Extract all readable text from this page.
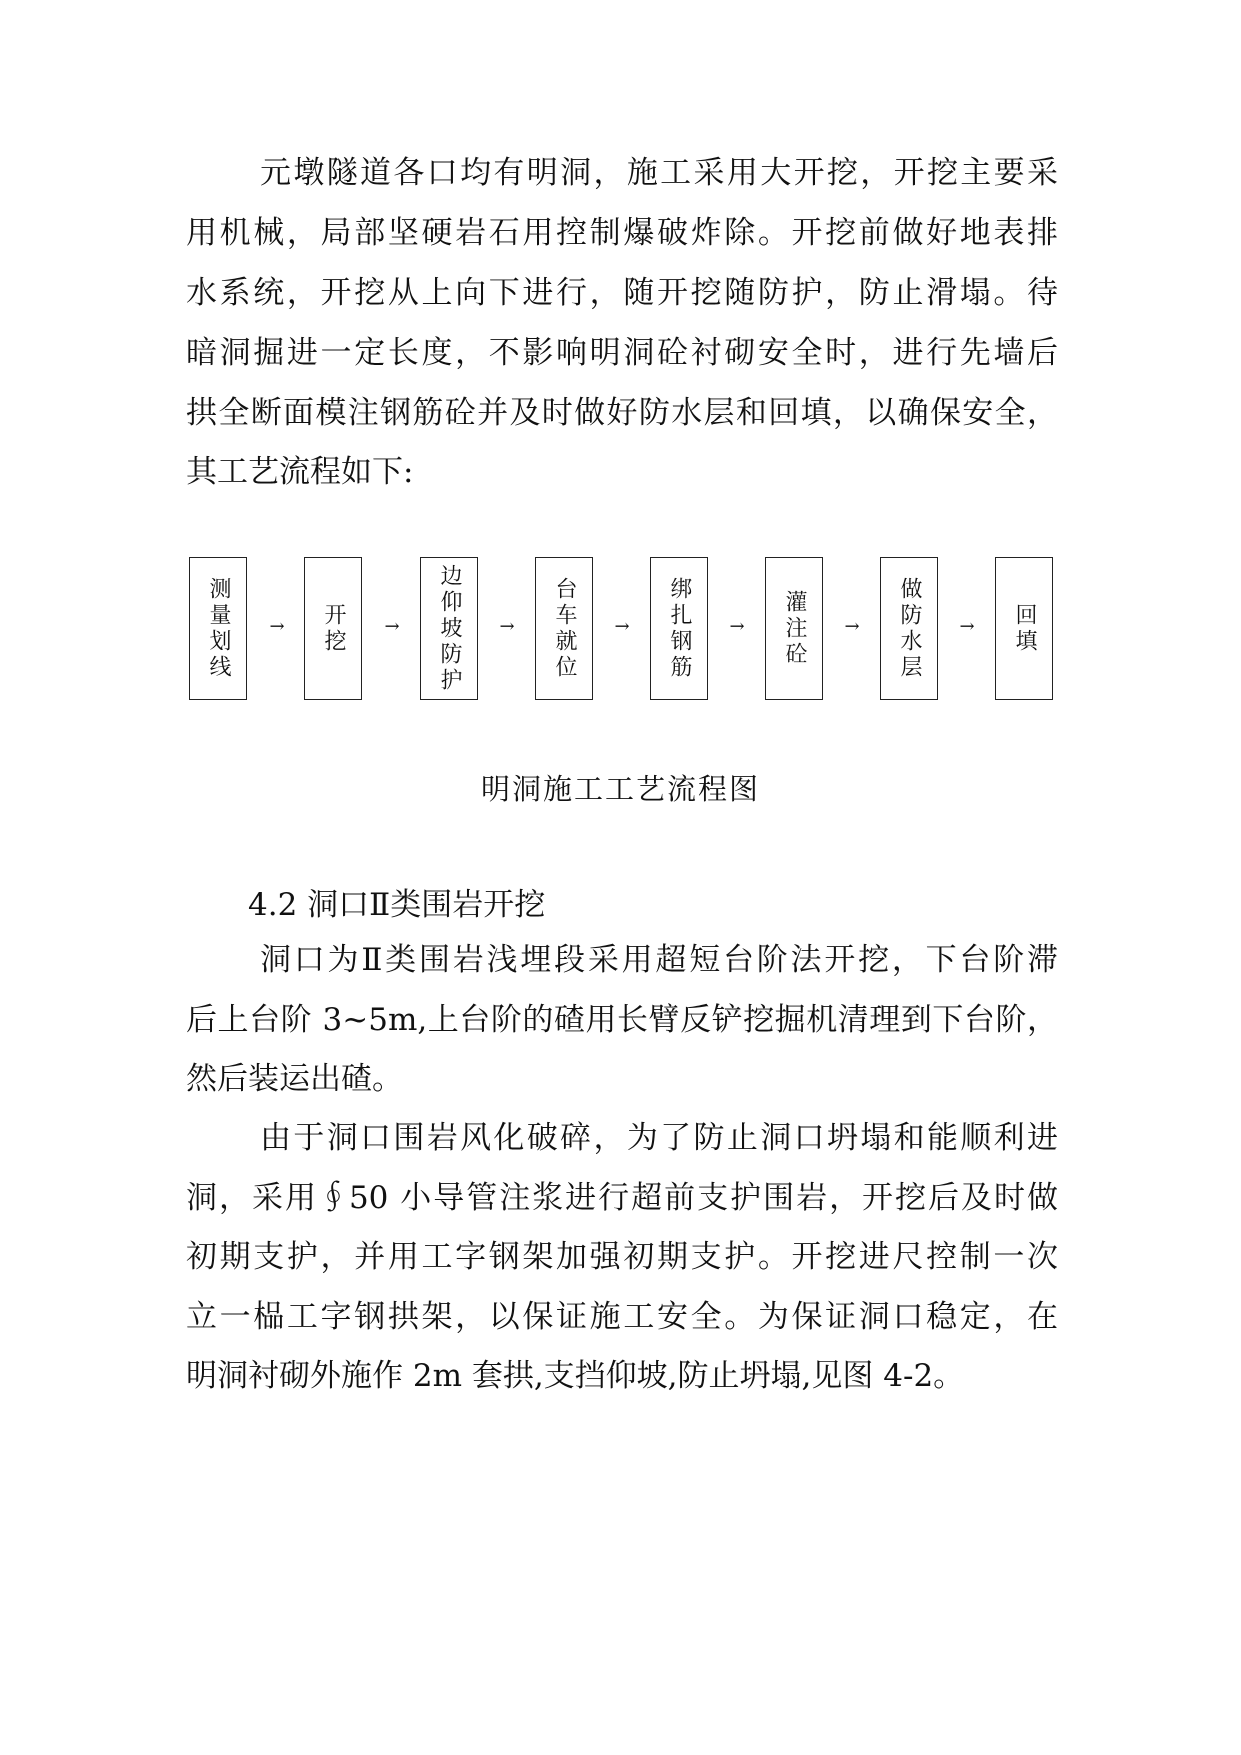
元墩隧道各口均有明洞，施工采用大开挖，开挖主要采
用机械，局部坚硬岩石用控制爆破炸除。开挖前做好地表排
水系统，开挖从上向下进行，随开挖随防护，防止滑塌。待
暗洞掘进一定长度，不影响明洞砼衬砌安全时，进行先墙后
拱全断面模注钢筋砼并及时做好防水层和回填，以确保安全，
其工艺流程如下:
测量划线	→	开挖	→	边仰坡防护	→	台车就位	→	绑扎钢筋	→	灌注砼	→	做防水层	→	回填
明洞施工工艺流程图
4.2 洞口Ⅱ类围岩开挖
洞口为Ⅱ类围岩浅埋段采用超短台阶法开挖，下台阶滞
后上台阶 3~5m,上台阶的碴用长臂反铲挖掘机清理到下台阶，
然后装运出碴。
由于洞口围岩风化破碎，为了防止洞口坍塌和能顺利进
洞，采用∮50 小导管注浆进行超前支护围岩，开挖后及时做
初期支护，并用工字钢架加强初期支护。开挖进尺控制一次
立一榀工字钢拱架，以保证施工安全。为保证洞口稳定，在
明洞衬砌外施作 2m 套拱,支挡仰坡,防止坍塌,见图 4-2。
